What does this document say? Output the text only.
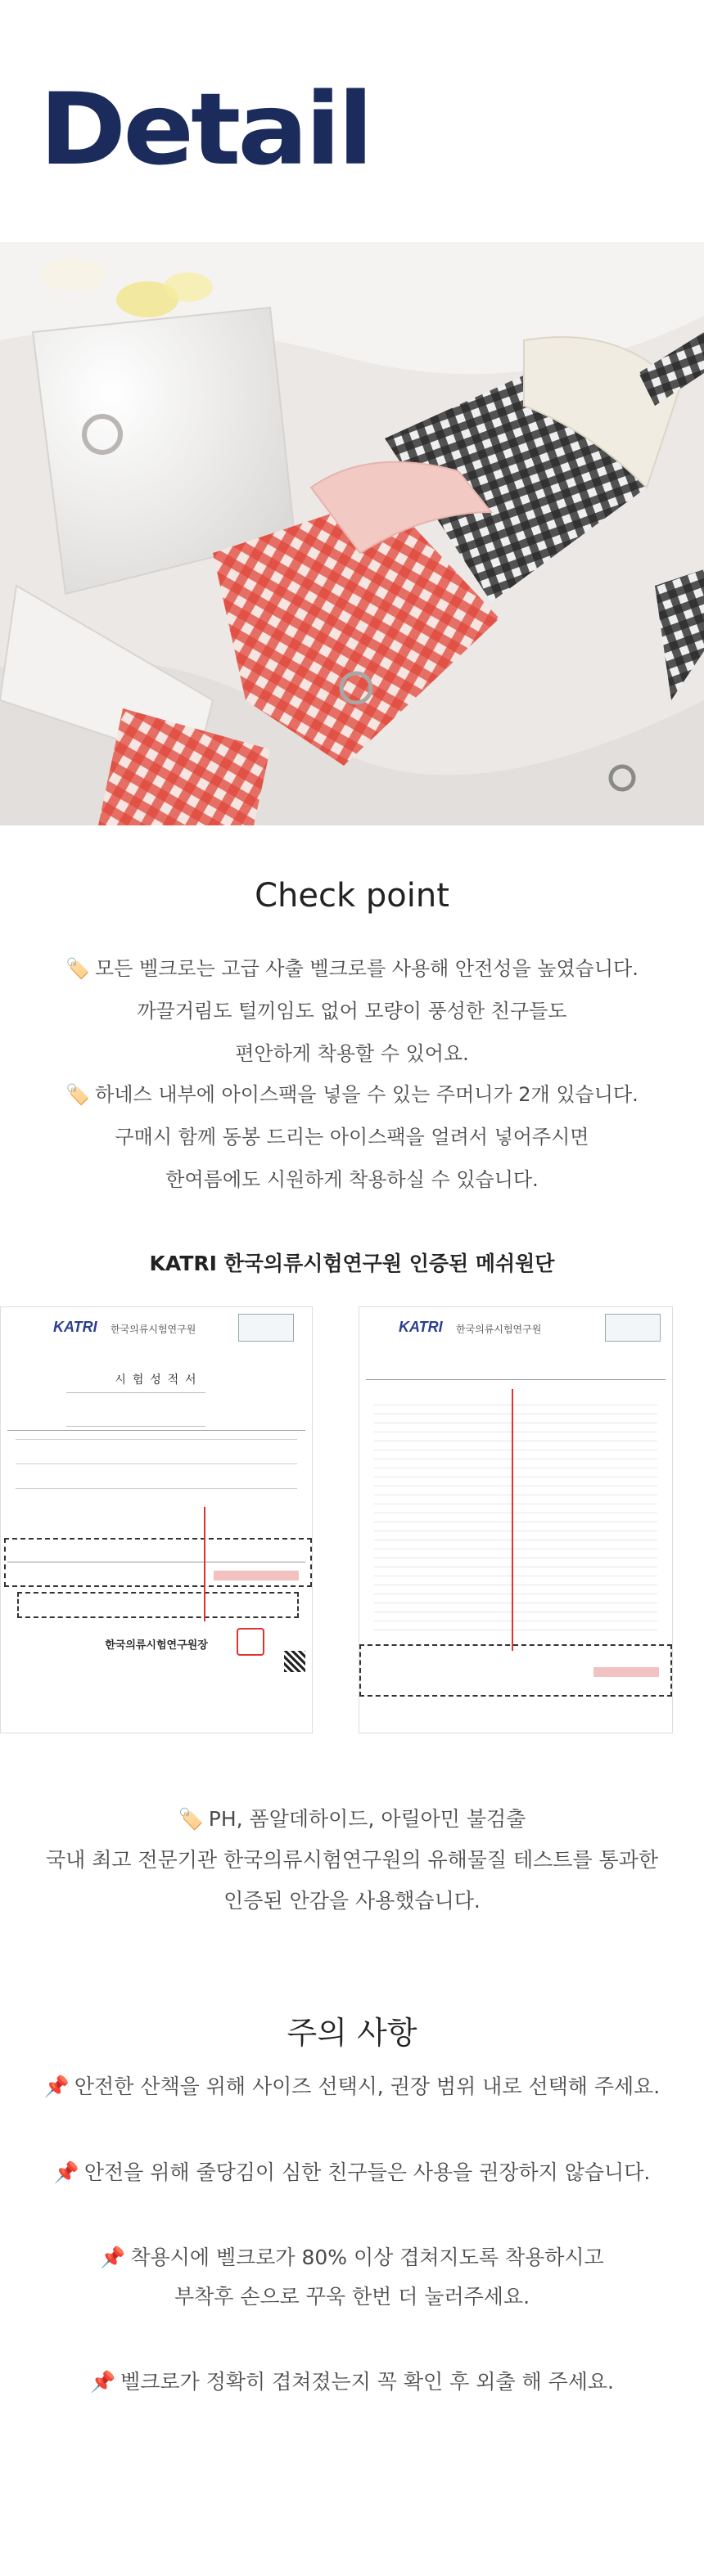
Detail
Check point

🏷️ 모든 벨크로는 고급 사출 벨크로를 사용해 안전성을 높였습니다.

까끌거림도 털끼임도 없어 모량이 풍성한 친구들도

편안하게 착용할 수 있어요.

🏷️ 하네스 내부에 아이스팩을 넣을 수 있는 주머니가 2개 있습니다.

구매시 함께 동봉 드리는 아이스팩을 얼려서 넣어주시면

한여름에도 시원하게 착용하실 수 있습니다.

KATRI 한국의류시험연구원 인증된 메쉬원단
KATRI 한국의류시험연구원
시 험 성 적 서
한국의류시험연구원장
KATRI 한국의류시험연구원

🏷️ PH, 폼알데하이드, 아릴아민 불검출

국내 최고 전문기관 한국의류시험연구원의 유해물질 테스트를 통과한

인증된 안감을 사용했습니다.

주의 사항
📌 안전한 산책을 위해 사이즈 선택시, 권장 범위 내로 선택해 주세요.
📌 안전을 위해 줄당김이 심한 친구들은 사용을 권장하지 않습니다.
📌 착용시에 벨크로가 80% 이상 겹쳐지도록 착용하시고
부착후 손으로 꾸욱 한번 더 눌러주세요.
📌 벨크로가 정확히 겹쳐졌는지 꼭 확인 후 외출 해 주세요.
